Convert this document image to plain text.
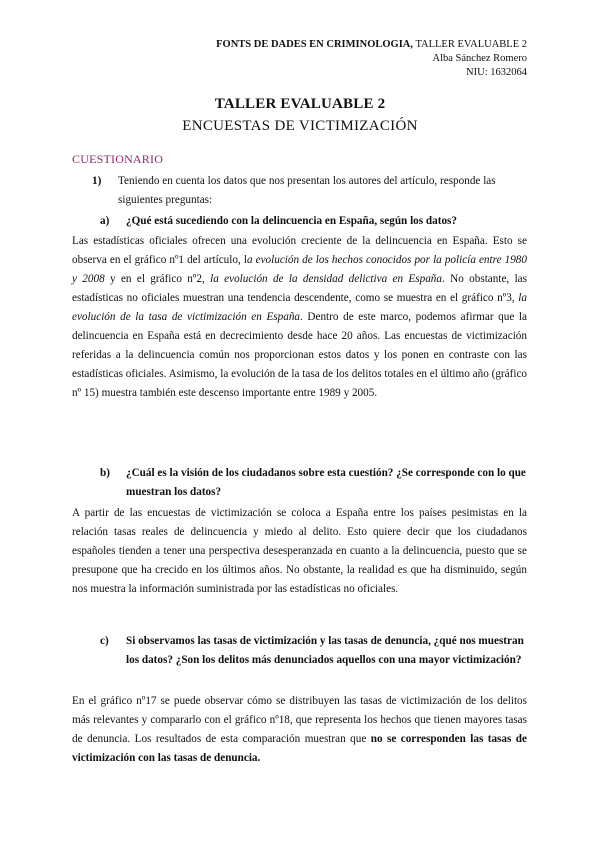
FONTS DE DADES EN CRIMINOLOGIA, TALLER EVALUABLE 2
Alba Sánchez Romero
NIU: 1632064
TALLER EVALUABLE 2
ENCUESTAS DE VICTIMIZACIÓN
CUESTIONARIO
1) Teniendo en cuenta los datos que nos presentan los autores del artículo, responde las siguientes preguntas:
a) ¿Qué está sucediendo con la delincuencia en España, según los datos?
Las estadísticas oficiales ofrecen una evolución creciente de la delincuencia en España. Esto se observa en el gráfico nº1 del artículo, la evolución de los hechos conocidos por la policía entre 1980 y 2008 y en el gráfico nº2, la evolución de la densidad delictiva en España. No obstante, las estadísticas no oficiales muestran una tendencia descendente, como se muestra en el gráfico nº3, la evolución de la tasa de victimización en España. Dentro de este marco, podemos afirmar que la delincuencia en España está en decrecimiento desde hace 20 años. Las encuestas de victimización referidas a la delincuencia común nos proporcionan estos datos y los ponen en contraste con las estadísticas oficiales. Asimismo, la evolución de la tasa de los delitos totales en el último año (gráfico nº 15) muestra también este descenso importante entre 1989 y 2005.
b) ¿Cuál es la visión de los ciudadanos sobre esta cuestión? ¿Se corresponde con lo que muestran los datos?
A partir de las encuestas de victimización se coloca a España entre los países pesimistas en la relación tasas reales de delincuencia y miedo al delito. Esto quiere decir que los ciudadanos españoles tienden a tener una perspectiva desesperanzada en cuanto a la delincuencia, puesto que se presupone que ha crecido en los últimos años. No obstante, la realidad es que ha disminuido, según nos muestra la información suministrada por las estadísticas no oficiales.
c) Si observamos las tasas de victimización y las tasas de denuncia, ¿qué nos muestran los datos? ¿Son los delitos más denunciados aquellos con una mayor victimización?
En el gráfico nº17 se puede observar cómo se distribuyen las tasas de victimización de los delitos más relevantes y compararlo con el gráfico nº18, que representa los hechos que tienen mayores tasas de denuncia. Los resultados de esta comparación muestran que no se corresponden las tasas de victimización con las tasas de denuncia.
